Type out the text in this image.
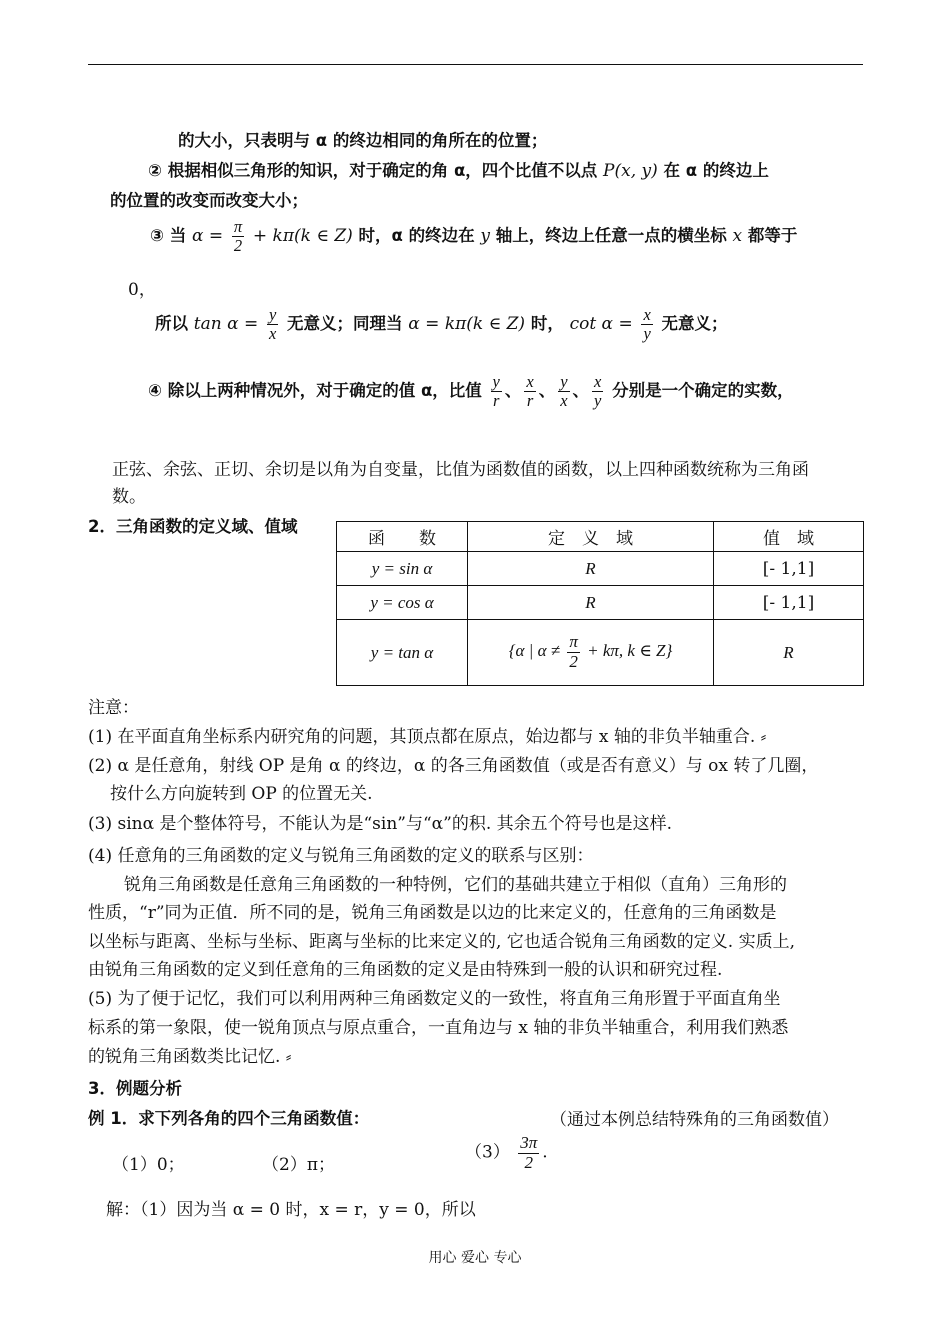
的大小，只表明与 α 的终边相同的角所在的位置；
② 根据相似三角形的知识，对于确定的角 α，四个比值不以点 P(x, y) 在 α 的终边上
的位置的改变而改变大小；
③ 当 $\alpha = \frac{\pi}{2} + k\pi(k$ ∈ Z) 时，α 的终边在 y 轴上，终边上任意一点的横坐标 x 都等于
0，
所以 $\tan \alpha = \frac{y}{x}$ 无意义；同理当 α = kπ(k ∈ Z) 时， $\cot \alpha = \frac{x}{y}$ 无意义；
④ 除以上两种情况外，对于确定的值 α，比值 $\frac{y}{r}$ 、 $\frac{x}{r}$ 、 $\frac{y}{x}$ 、 $\frac{x}{y}$ 分别是一个确定的实数，
正弦、余弦、正切、余切是以角为自变量，比值为函数值的函数，以上四种函数统称为三角函
数。
2．三角函数的定义域、值域
函　　数	定　义　域	值　域
y = sin α	R	[- 1,1]
y = cos α	R	[- 1,1]
y = tan α	{α | $\alpha \ne \frac{\pi}{2} + k\pi$, k ∈ Z}	R
注意：
(1) 在平面直角坐标系内研究角的问题，其顶点都在原点，始边都与 x 轴的非负半轴重合. ⸗
(2) α 是任意角，射线 OP 是角 α 的终边，α 的各三角函数值（或是否有意义）与 ox 转了几圈，
按什么方向旋转到 OP 的位置无关.
(3) sinα 是个整体符号，不能认为是“sin”与“α”的积. 其余五个符号也是这样.
(4) 任意角的三角函数的定义与锐角三角函数的定义的联系与区别：
锐角三角函数是任意角三角函数的一种特例，它们的基础共建立于相似（直角）三角形的
性质，“r”同为正值．所不同的是，锐角三角函数是以边的比来定义的，任意角的三角函数是
以坐标与距离、坐标与坐标、距离与坐标的比来定义的, 它也适合锐角三角函数的定义. 实质上,
由锐角三角函数的定义到任意角的三角函数的定义是由特殊到一般的认识和研究过程.
(5) 为了便于记忆，我们可以利用两种三角函数定义的一致性，将直角三角形置于平面直角坐
标系的第一象限，使一锐角顶点与原点重合，一直角边与 x 轴的非负半轴重合，利用我们熟悉
的锐角三角函数类比记忆. ⸗
3．例题分析
例 1．求下列各角的四个三角函数值：	（通过本例总结特殊角的三角函数值）
（1）0；	（2）π；
$(3) \frac{3\pi}{2}$ .
解：（1）因为当 α = 0 时，x = r，y = 0，所以
用心 爱心 专心
